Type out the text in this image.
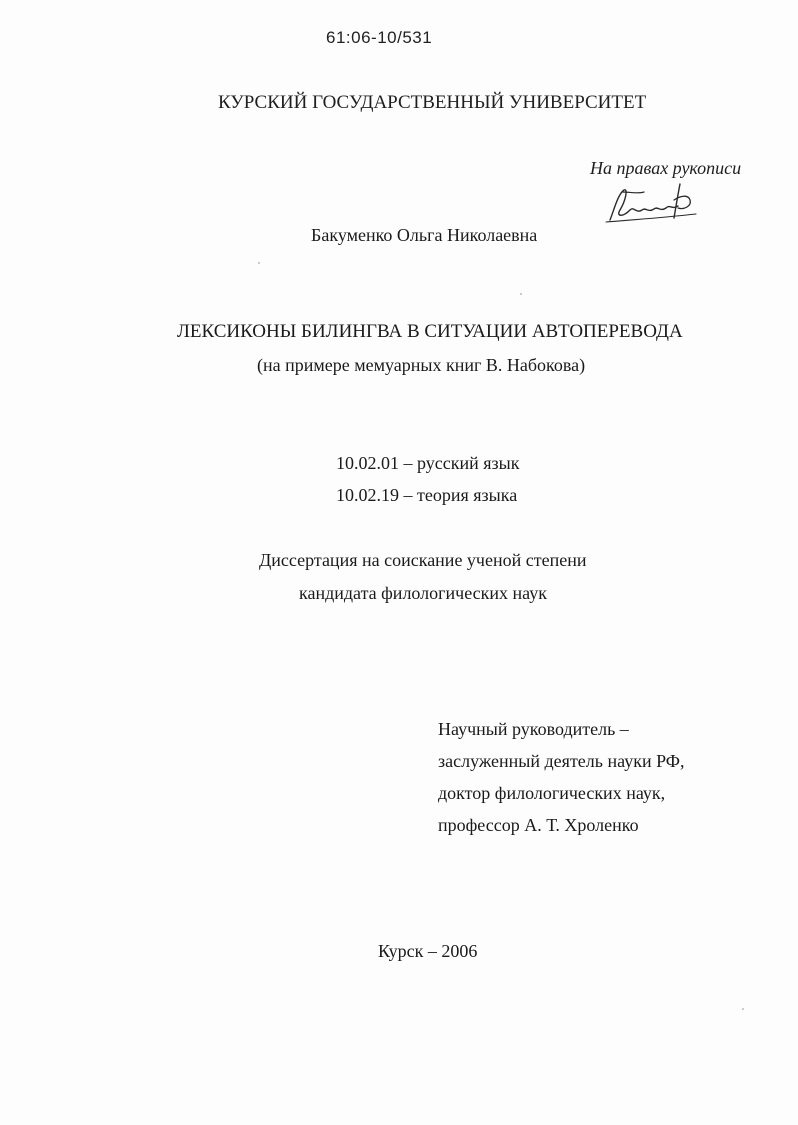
61:06-10/531
КУРСКИЙ ГОСУДАРСТВЕННЫЙ УНИВЕРСИТЕТ
На правах рукописи
Бакуменко Ольга Николаевна
ЛЕКСИКОНЫ БИЛИНГВА В СИТУАЦИИ АВТОПЕРЕВОДА
(на примере мемуарных книг В. Набокова)
10.02.01 – русский язык
10.02.19 – теория языка
Диссертация на соискание ученой степени
кандидата филологических наук
Научный руководитель –
заслуженный деятель науки РФ,
доктор филологических наук,
профессор А. Т. Хроленко
Курск – 2006
